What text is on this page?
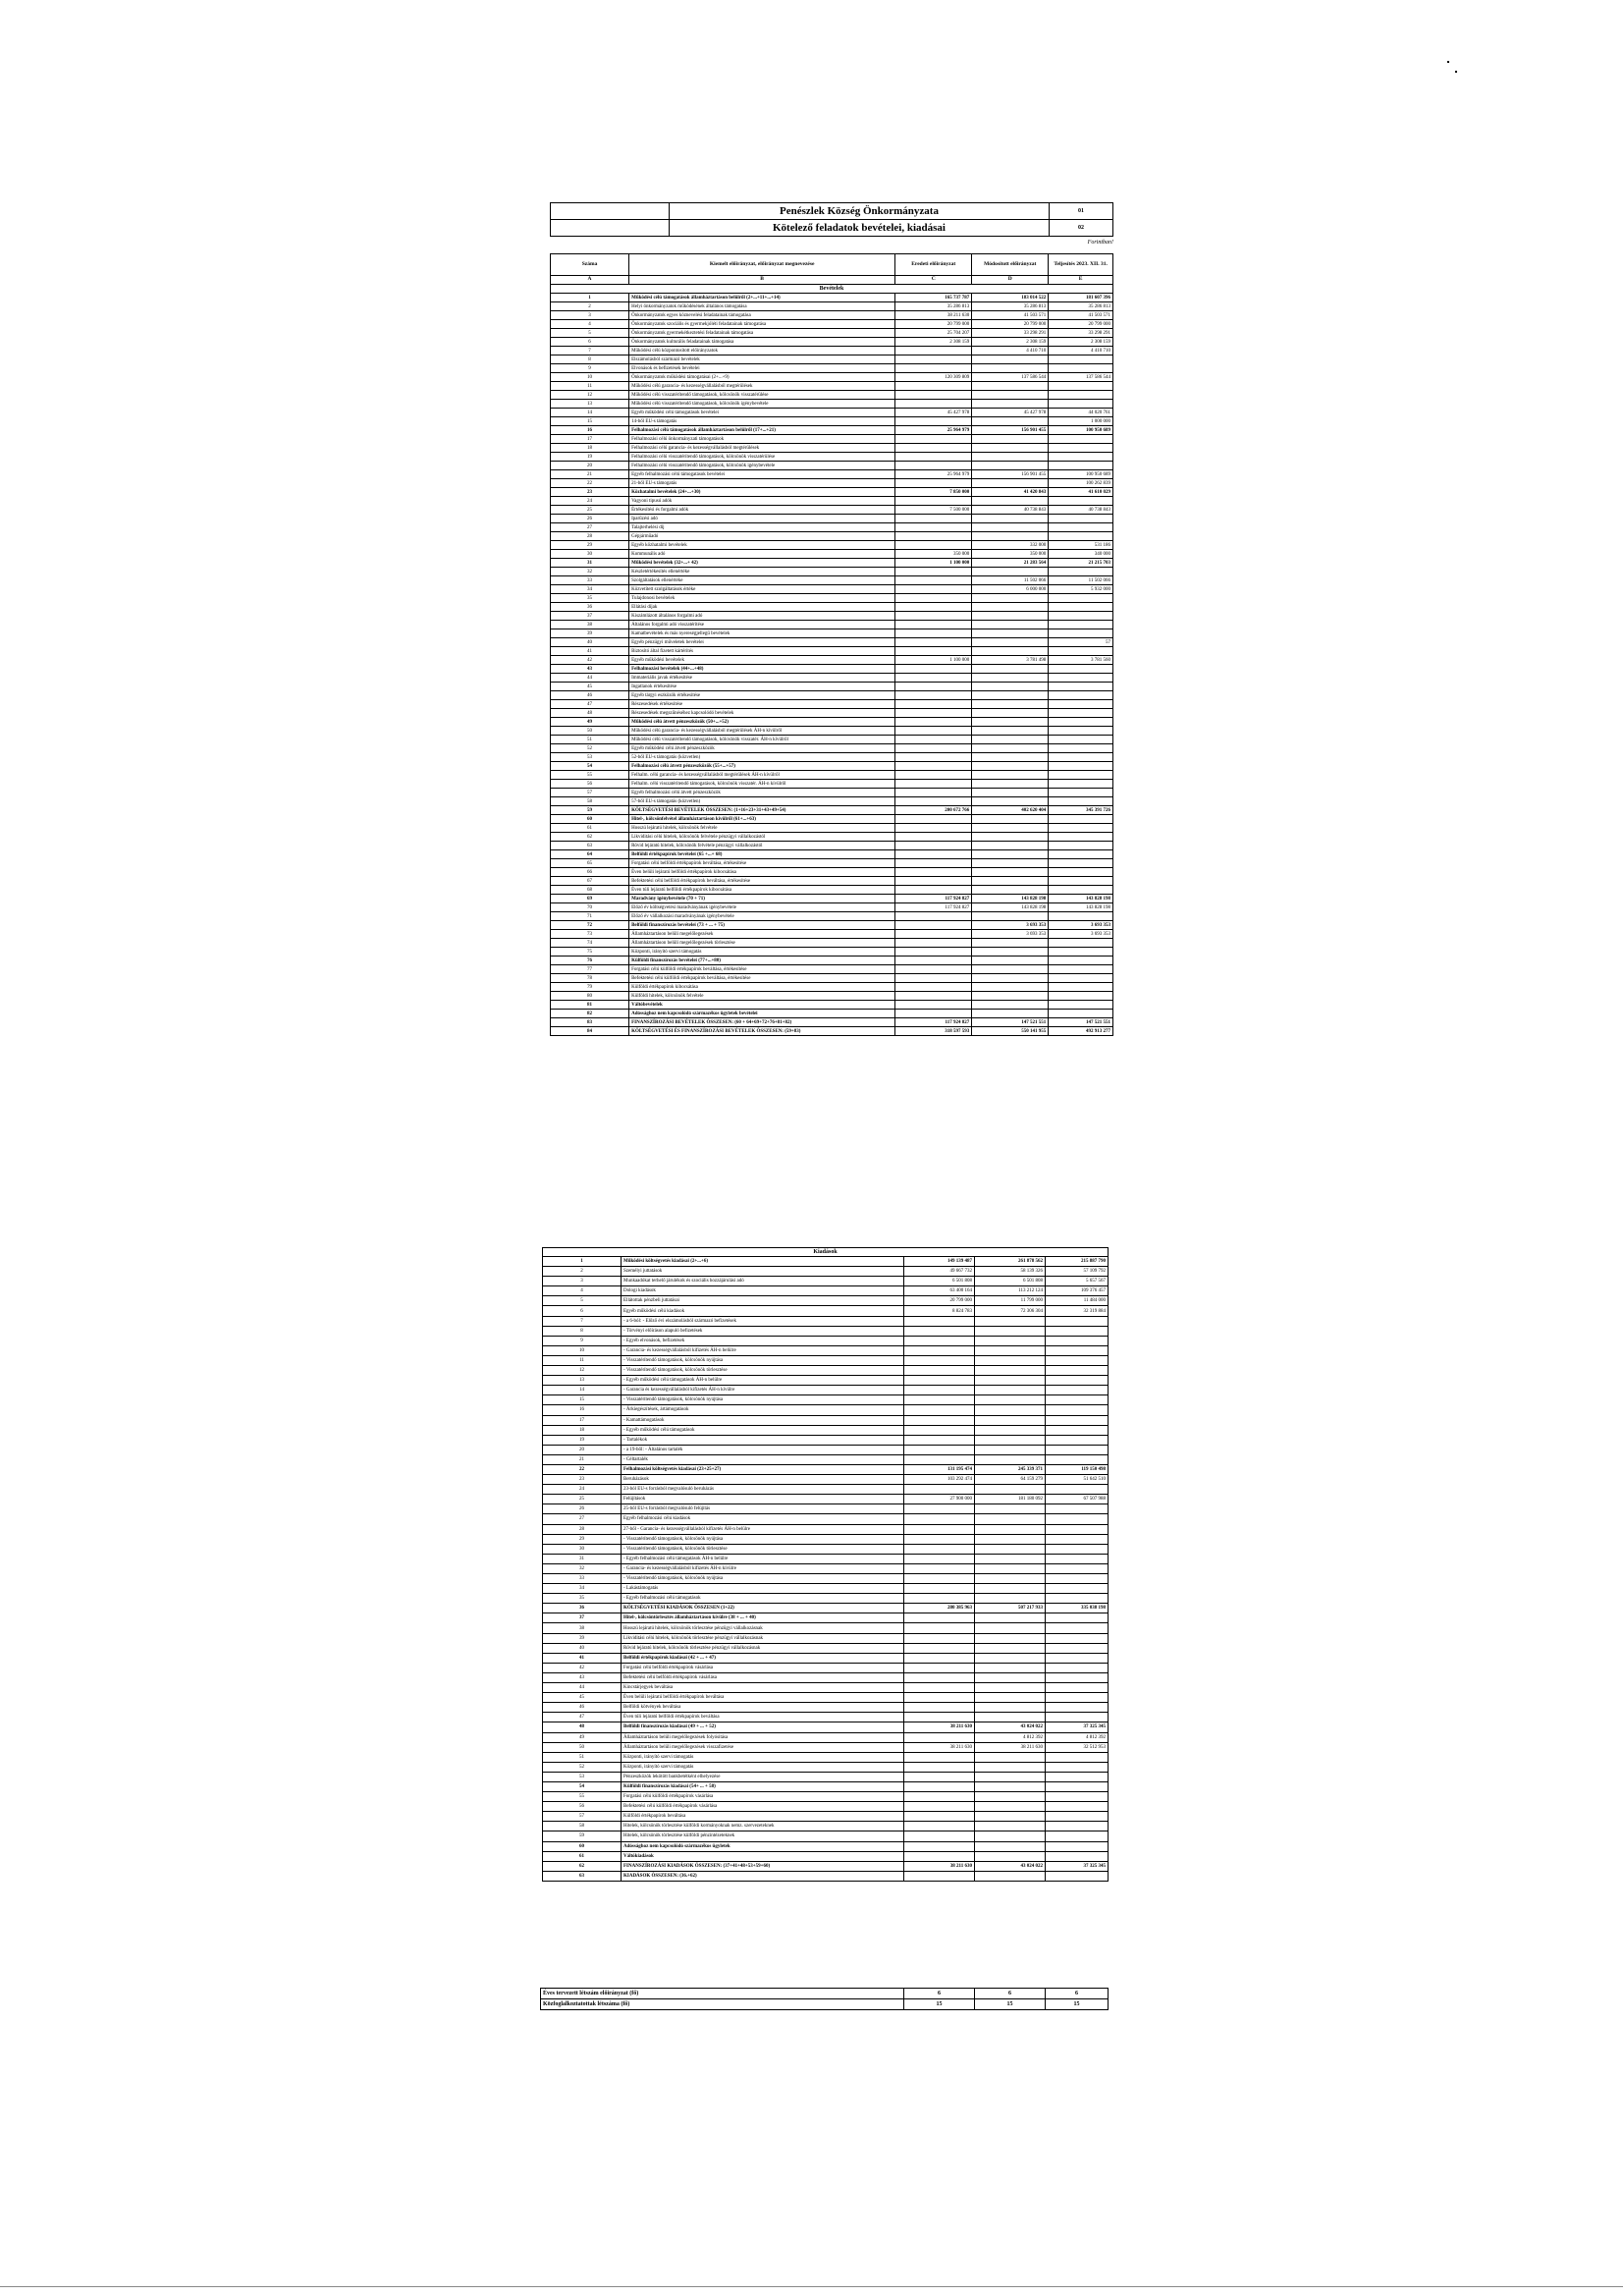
Penészlek Község Önkormányzata	01
Kötelező feladatok bevételei, kiadásai	02
Forintban!
Száma	Kiemelt előirányzat, előirányzat megnevezése	Eredeti előirányzat	Módosított előirányzat	Teljesítés 2023. XII. 31.
A	B	C	D	E
Bevételek				
1	Működési célú támogatások államháztartáson belülről (2+...+11+...+14)	165 737 787	183 014 522	181 607 396
2	Helyi önkormányzatok működésének általános támogatása	35 286 813	35 286 813	35 286 813
3	Önkormányzatok egyes köznevelési feladatainak támogatása	38 211 630	41 503 571	41 503 571
4	Önkormányzatok szociális és gyermekjóléti feladatainak támogatása	20 799 000	20 799 000	20 799 000
5	Önkormányzatok gyermekétkeztetési feladatainak támogatása	25 704 207	33 298 291	33 298 291
6	Önkormányzatok kulturális feladatainak támogatása	2 308 159	2 308 159	2 308 159
7	Működési célú központosított előirányzatok		4 410 710	4 410 710
8	Elszámolásból származó bevételek			
9	Elvonások és befizetések bevételei			
10	Önkormányzatok működési támogatásai (2+...+9)	120 309 809	137 586 544	137 586 544
11	Működési célú garancia- és kezességvállalásból megtérülések			
12	Működési célú visszatérítendő támogatások, kölcsönök visszatérülése			
13	Működési célú visszatérítendő támogatások, kölcsönök igénybevétele			
14	Egyéb működési célú támogatások bevételei	45 427 978	45 427 978	44 020 761
15	14-ből EU-s támogatás			1 000 000
16	Felhalmozási célú támogatások államháztartáson belülről (17+...+21)	25 964 979	156 901 455	100 950 689
17	Felhalmozási célú önkormányzati támogatások			
18	Felhalmozási célú garancia- és kezességvállalásból megtérülések			
19	Felhalmozási célú visszatérítendő támogatások, kölcsönök visszatérülése			
20	Felhalmozási célú visszatérítendő támogatások, kölcsönök igénybevétele			
21	Egyéb felhalmozási célú támogatások bevételei	25 964 979	156 901 455	100 950 689
22	21-ből EU-s támogatás			100 262 839
23	Közhatalmi bevételek (24+...+30)	7 850 000	41 420 843	41 610 029
24	Vagyoni tipusú adók			
25	Értékesítési és forgalmi adók	7 500 000	40 738 843	40 738 843
26	Iparűzési adó			
27	Talajterhelési díj			
28	Gépjárműadó			
29	Egyéb közhatalmi bevételek		332 000	531 186
30	Kommunális adó	350 000	350 000	340 000
31	Működési bevételek (32+...+ 42)	1 100 000	21 283 564	21 215 703
32	Készletértékesítés ellenértéke			
33	Szolgáltatások ellenértéke		11 502 066	11 502 066
34	Közvetített szolgáltatások értéke		6 000 000	5 932 000
35	Tulajdonosi bevételek			
36	Ellátási díjak			
37	Kiszámlázott általános forgalmi adó			
38	Általános forgalmi adó visszatérítése			
39	Kamatbevételek és más nyereségjellegű bevételek			
40	Egyéb pénzügyi műveletek bevételei			57
41	Biztosító által fizetett kártérítés			
42	Egyéb működési bevételek	1 100 000	3 781 498	3 781 560
43	Felhalmozási bevételek (44+...+48)			
44	Immateriális javak értékesítése			
45	Ingatlanok értékesítése			
46	Egyéb tárgyi eszközök értékesítése			
47	Részesedések értékesítése			
48	Részesedések megszűnéséhez kapcsolódó bevételek			
49	Működési célú átvett pénzeszközök (50+...+52)			
50	Működési célú garancia- és kezességvállalásból megtérülések ÁH-n kívülről			
51	Működési célú visszatérítendő támogatások, kölcsönök visszatér. ÁH-n kívülről			
52	Egyéb működési célú átvett pénzeszközök			
53	52-ből EU-s támogatás (közvetlen)			
54	Felhalmozási célú átvett pénzeszközök (55+...+57)			
55	Felhalm. célú garancia- és kezességvállalásból megtérülések ÁH-n kívülről			
56	Felhalm. célú visszatérítendő támogatások, kölcsönök visszatér. ÁH-n kívülről			
57	Egyéb felhalmozási célú átvett pénzeszközök			
58	57-ből EU-s támogatás (közvetlen)			
59	KÖLTSÉGVETÉSI BEVÉTELEK ÖSSZESEN: (1+16+23+31+43+49+54)	200 672 766	402 620 404	345 391 726
60	Hitel-, kölcsönfelvétel államháztartáson kívülről (61+...+63)			
61	Hosszú lejáratú hitelek, kölcsönök felvétele			
62	Likviditási célú hitelek, kölcsönök felvétele pénzügyi vállalkozástól			
63	Rövid lejáratú hitelek, kölcsönök felvétele pénzügyi vállalkozástól			
64	Belföldi értékpapírok bevételei (65 +...+ 68)			
65	Forgatási célú belföldi értékpapírok beváltása, értékesítése			
66	Éven belüli lejáratú belföldi értékpapírok kibocsátása			
67	Befektetési célú belföldi értékpapírok beváltása, értékesítése			
68	Éven túli lejáratú belföldi értékpapírok kibocsátása			
69	Maradvány igénybevétele (70 + 71)	117 924 827	143 828 198	143 828 198
70	Előző év költségvetési maradványának igénybevétele	117 924 827	143 828 198	143 828 198
71	Előző év vállalkozási maradványának igénybevétele			
72	Belföldi finanszírozás bevételei (73 + ... + 75)		3 693 353	3 693 353
73	Államháztartáson belüli megelőlegezések		3 693 353	3 693 353
74	Államháztartáson belüli megelőlegezések törlesztése			
75	Központi, irányító szervi támogatás			
76	Külföldi finanszírozás bevételei (77+...+80)			
77	Forgatási célú külföldi értékpapírok beváltása, értékesítése			
78	Befektetési célú külföldi értékpapírok beváltása, értékesítése			
79	Külföldi értékpapírok kibocsátása			
80	Külföldi hitelek, kölcsönök felvétele			
81	Váltóbevételek			
82	Adóssághoz nem kapcsolódó származékos ügyletek bevételei			
83	FINANSZÍROZÁSI BEVÉTELEK ÖSSZESEN: (60 + 64+69+72+76+81+82)	117 924 827	147 521 551	147 521 551
84	KÖLTSÉGVETÉSI ÉS FINANSZÍROZÁSI BEVÉTELEK ÖSSZESEN: (59+83)	318 597 593	550 141 955	492 913 277
Kiadások				
1	Működési költségvetés kiadásai (2+...+6)	149 139 487	261 878 562	215 887 790
2	Személyi juttatások	49 667 732	58 139 326	57 109 792
3	Munkaadókat terhelő járulékok és szociális hozzájárulási adó	6 501 808	6 501 808	5 657 567
4	Dologi kiadások	63 400 164	113 212 124	109 376 457
5	Ellátottak pénzbeli juttatásai	20 799 000	11 799 000	11 484 000
6	Egyéb működési célú kiadások	8 824 783	72 306 304	32 319 884
7	- a 6-ból: - Előző évi elszámolásból származó befizetések			
8	- Törvényi előíráson alapuló befizetések			
9	- Egyéb elvonások, befizetések			
10	- Garancia- és kezességvállalásból kifizetés ÁH-n belülre			
11	- Visszatérítendő támogatások, kölcsönök nyújtása			
12	- Visszatérítendő támogatások, kölcsönök törlesztése			
13	- Egyéb működési célú támogatások ÁH-n belülre			
14	- Garancia és kezességvállalásból kifizetés ÁH-n kívülre			
15	- Visszatérítendő támogatások, kölcsönök nyújtása			
16	- Árkiegészítések, ártámogatások			
17	- Kamattámogatások			
18	- Egyéb működési célú támogatások			
19	- Tartalékok			
20	- a 19-ből: - Általános tartalék			
21	- Céltartalék			
22	Felhalmozási költségvetés kiadásai (23+25+27)	131 195 474	245 339 371	119 150 498
23	Beruházások	103 292 474	64 159 279	51 642 510
24	23-ból EU-s forrásból megvalósuló beruházás			
25	Felújítások	27 900 000	181 180 092	67 507 988
26	25-ből EU-s forrásból megvalósuló felújítás			
27	Egyéb felhalmozási célú kiadások			
28	27-ből - Garancia- és kezességvállalásból kifizetés ÁH-n belülre			
29	- Visszatérítendő támogatások, kölcsönök nyújtása			
30	- Visszatérítendő támogatások, kölcsönök törlesztése			
31	- Egyéb felhalmozási célú támogatások ÁH-n belülre			
32	- Garancia- és kezességvállalásból kifizetés ÁH-n kívülre			
33	- Visszatérítendő támogatások, kölcsönök nyújtása			
34	- Lakástámogatás			
35	- Egyéb felhalmozási célú támogatások			
36	KÖLTSÉGVETÉSI KIADÁSOK ÖSSZESEN (1+22)	280 385 963	507 217 933	335 038 198
37	Hitel-, kölcsöntörlesztés államháztartáson kívülre (38 + ... + 40)			
38	Hosszú lejáratú hitelek, kölcsönök törlesztése pénzügyi vállalkozásnak			
39	Likviditási célú hitelek, kölcsönök törlesztése pénzügyi vállalkozásnak			
40	Rövid lejáratú hitelek, kölcsönök törlesztése pénzügyi vállalkozásnak			
41	Belföldi értékpapírok kiadásai (42 + ... + 47)			
42	Forgatási célú belföldi értékpapírok vásárlása			
43	Befektetési célú belföldi értékpapírok vásárlása			
44	Kincstárjegyek beváltása			
45	Éven belüli lejáratú belföldi értékpapírok beváltása			
46	Belföldi kötvények beváltása			
47	Éven túli lejáratú belföldi értékpapírok beváltása			
48	Belföldi finanszírozás kiadásai (49 + ... + 52)	38 211 630	43 024 022	37 325 345
49	Államháztartáson belüli megelőlegezések folyósítása		4 812 392	4 812 392
50	Államháztartáson belüli megelőlegezések visszafizetése	38 211 630	38 211 630	32 512 953
51	Központi, irányító szervi támogatás			
52	Központi, irányító szervi támogatás			
53	Pénzeszközök lekötött bankbetétként elhelyezése			
54	Külföldi finanszírozás kiadásai (54+ ... + 58)			
55	Forgatási célú külföldi értékpapírok vásárlása			
56	Befektetési célú külföldi értékpapírok vásárlása			
57	Külföldi értékpapírok beváltása			
58	Hitelek, kölcsönök törlesztése külföldi kormányoknak nemz. szervezeteknek			
59	Hitelek, kölcsönök törlesztése külföldi pénzintézeteknek			
60	Adóssághoz nem kapcsolódó származékos ügyletek			
61	Váltókiadások			
62	FINANSZÍROZÁSI KIADÁSOK ÖSSZESEN: (37+41+48+53+59+60)	38 211 630	43 024 022	37 325 345
63	KIADÁSOK ÖSSZESEN: (36.+62)			
Éves tervezett létszám előirányzat (fő)	6	6	6
Közfoglalkoztatottak létszáma (fő)	15	15	15
